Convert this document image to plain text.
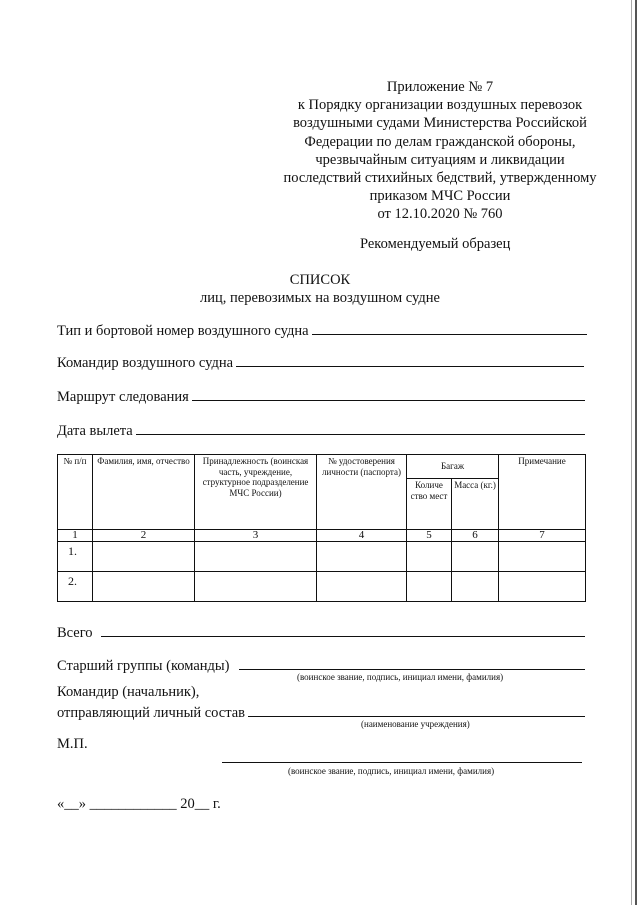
Приложение № 7
к Порядку организации воздушных перевозок
воздушными судами Министерства Российской
Федерации по делам гражданской обороны,
чрезвычайным ситуациям и ликвидации
последствий стихийных бедствий, утвержденному
приказом МЧС России
от 12.10.2020 № 760
Рекомендуемый образец
СПИСОК
лиц, перевозимых на воздушном судне
Тип и бортовой номер воздушного судна
Командир воздушного судна
Маршрут следования
Дата вылета
№ п/п	Фамилия, имя, отчество	Принадлежность (воинская часть, учреждение, структурное подразделение МЧС России)	№ удостоверения личности (паспорта)	Багаж		Примечание
				Количе ство мест	Масса (кг.)	
1	2	3	4	5	6	7
1.						
2.						
Всего
Старший группы (команды)
(воинское звание, подпись, инициал имени, фамилия)
Командир (начальник),
отправляющий личный состав
(наименование учреждения)
М.П.
(воинское звание, подпись, инициал имени, фамилия)
«__» ____________ 20__ г.
